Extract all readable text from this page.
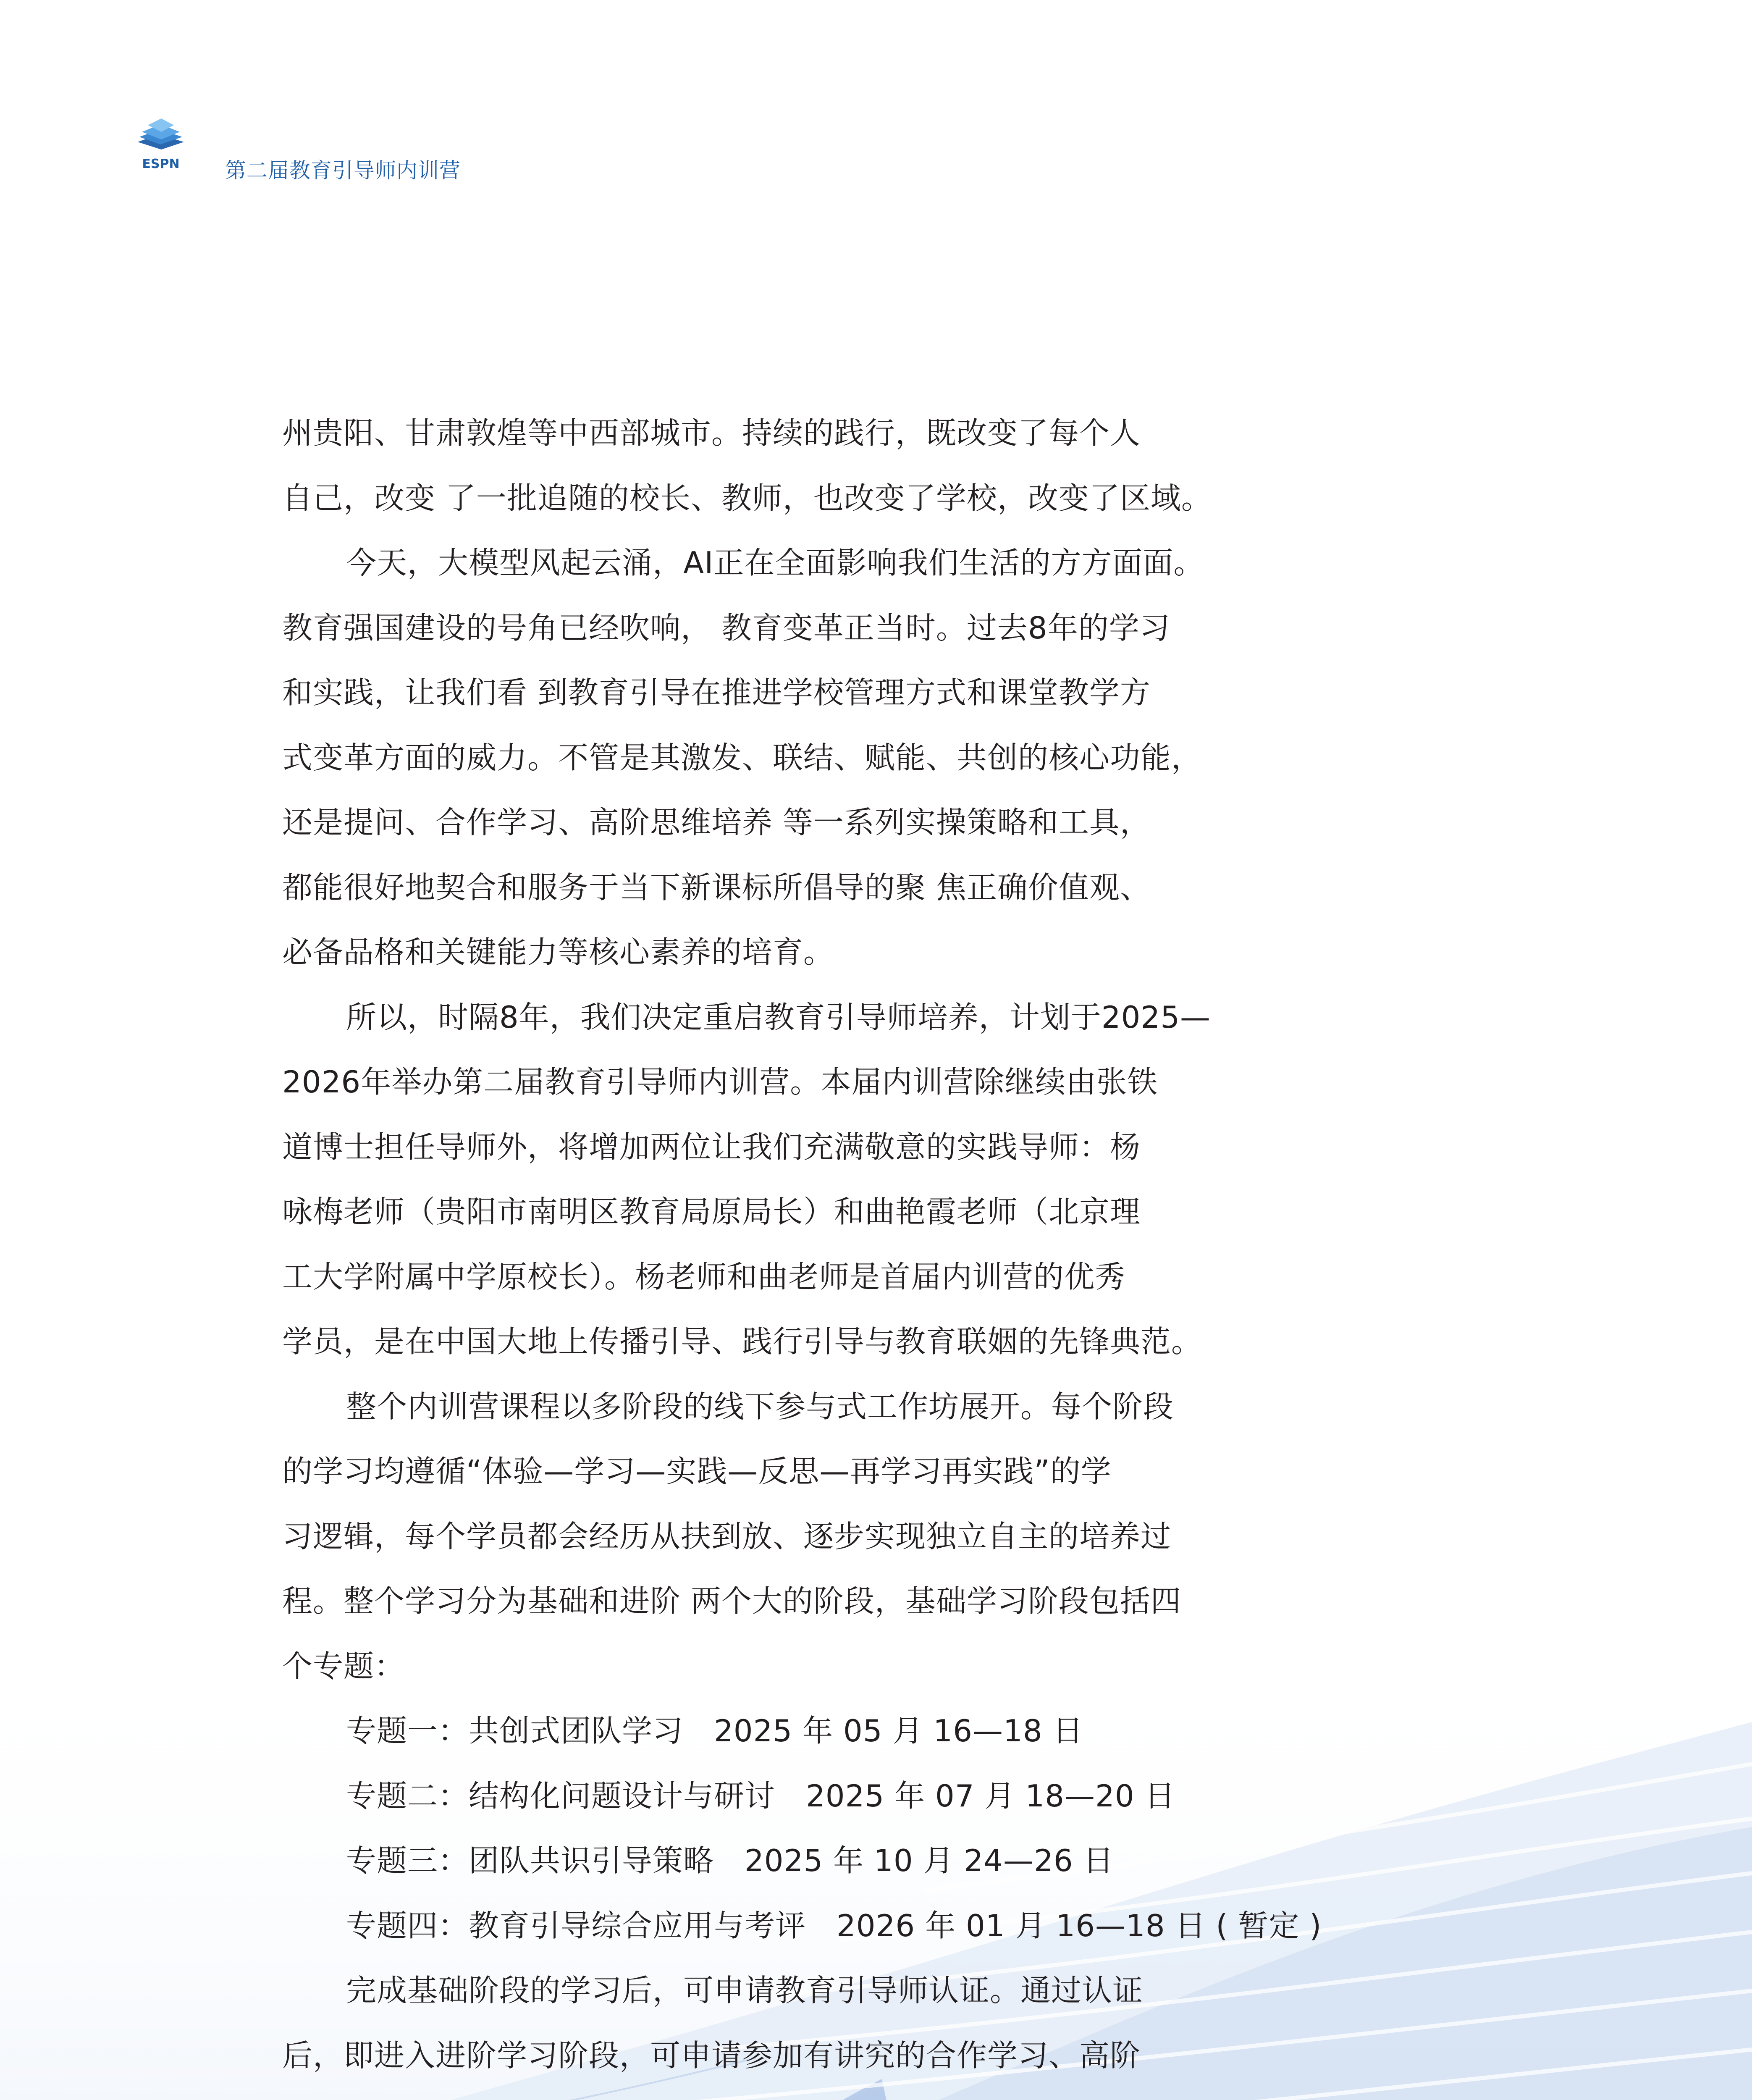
ESPN 第二届教育引导师内训营
州贵阳、甘肃敦煌等中西部城市。持续的践行，既改变了每个人
自己，改变 了一批追随的校长、教师，也改变了学校，改变了区域。
今天，大模型风起云涌，AI正在全面影响我们生活的方方面面。
教育强国建设的号角已经吹响， 教育变革正当时。过去8年的学习
和实践，让我们看 到教育引导在推进学校管理方式和课堂教学方
式变革方面的威力。不管是其激发、联结、赋能、共创的核心功能，
还是提问、合作学习、高阶思维培养 等一系列实操策略和工具，
都能很好地契合和服务于当下新课标所倡导的聚 焦正确价值观、
必备品格和关键能力等核心素养的培育。
所以，时隔8年，我们决定重启教育引导师培养，计划于2025—
2026年举办第二届教育引导师内训营。本届内训营除继续由张铁
道博士担任导师外，将增加两位让我们充满敬意的实践导师：杨
咏梅老师（贵阳市南明区教育局原局长）和曲艳霞老师（北京理
工大学附属中学原校长）。杨老师和曲老师是首届内训营的优秀
学员，是在中国大地上传播引导、践行引导与教育联姻的先锋典范。
整个内训营课程以多阶段的线下参与式工作坊展开。每个阶段
的学习均遵循“体验—学习—实践—反思—再学习再实践”的学
习逻辑，每个学员都会经历从扶到放、逐步实现独立自主的培养过
程。整个学习分为基础和进阶 两个大的阶段，基础学习阶段包括四
个专题：
专题一：共创式团队学习　2025 年 05 月 16—18 日
专题二：结构化问题设计与研讨　2025 年 07 月 18—20 日
专题三：团队共识引导策略　2025 年 10 月 24—26 日
专题四：教育引导综合应用与考评　2026 年 01 月 16—18 日 ( 暂定 )
完成基础阶段的学习后，可申请教育引导师认证。通过认证
后，即进入进阶学习阶段，可申请参加有讲究的合作学习、高阶
